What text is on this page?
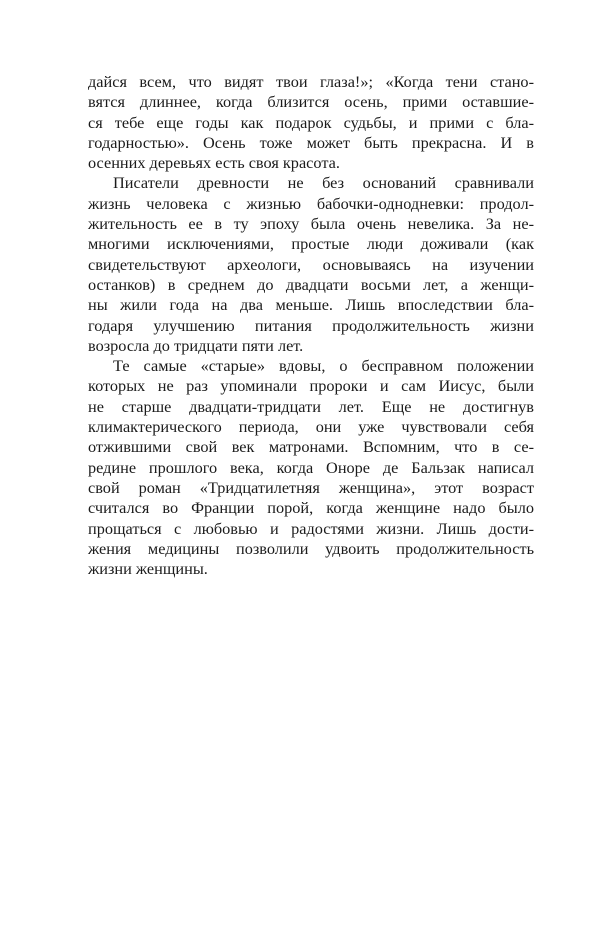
дайся всем, что видят твои глаза!»; «Когда тени стано-
вятся длиннее, когда близится осень, прими оставшие-
ся тебе еще годы как подарок судьбы, и прими с бла-
годарностью». Осень тоже может быть прекрасна. И в
осенних деревьях есть своя красота.
Писатели древности не без оснований сравнивали
жизнь человека с жизнью бабочки-однодневки: продол-
жительность ее в ту эпоху была очень невелика. За не-
многими исключениями, простые люди доживали (как
свидетельствуют археологи, основываясь на изучении
останков) в среднем до двадцати восьми лет, а женщи-
ны жили года на два меньше. Лишь впоследствии бла-
годаря улучшению питания продолжительность жизни
возросла до тридцати пяти лет.
Те самые «старые» вдовы, о бесправном положении
которых не раз упоминали пророки и сам Иисус, были
не старше двадцати-тридцати лет. Еще не достигнув
климактерического периода, они уже чувствовали себя
отжившими свой век матронами. Вспомним, что в се-
редине прошлого века, когда Оноре де Бальзак написал
свой роман «Тридцатилетняя женщина», этот возраст
считался во Франции порой, когда женщине надо было
прощаться с любовью и радостями жизни. Лишь дости-
жения медицины позволили удвоить продолжительность
жизни женщины.
